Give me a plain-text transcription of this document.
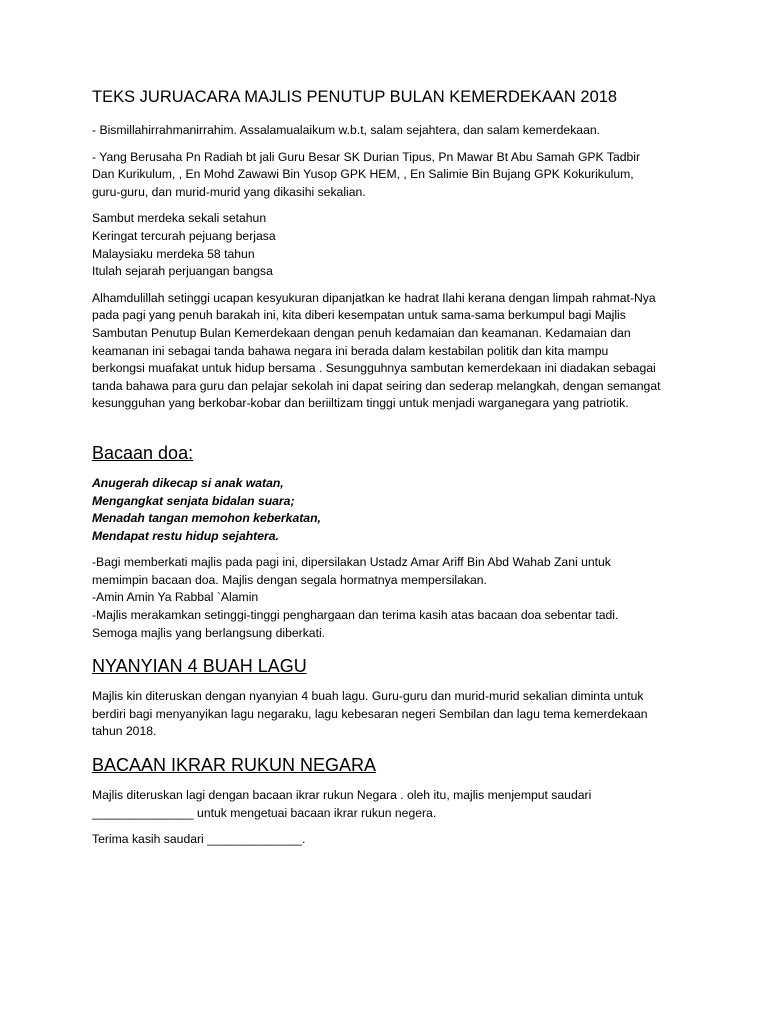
TEKS JURUACARA MAJLIS PENUTUP BULAN KEMERDEKAAN 2018

- Bismillahirrahmanirrahim. Assalamualaikum w.b.t, salam sejahtera, dan salam kemerdekaan.

- Yang Berusaha Pn Radiah bt jali Guru Besar SK Durian Tipus, Pn Mawar Bt Abu Samah GPK Tadbir Dan Kurikulum, , En Mohd Zawawi Bin Yusop GPK HEM, , En Salimie Bin Bujang GPK Kokurikulum, guru-guru, dan murid-murid yang dikasihi sekalian.

Sambut merdeka sekali setahun
Keringat tercurah pejuang berjasa
Malaysiaku merdeka 58 tahun
Itulah sejarah perjuangan bangsa

Alhamdulillah setinggi ucapan kesyukuran dipanjatkan ke hadrat Ilahi kerana dengan limpah rahmat-Nya pada pagi yang penuh barakah ini, kita diberi kesempatan untuk sama-sama berkumpul bagi Majlis Sambutan Penutup Bulan Kemerdekaan dengan penuh kedamaian dan keamanan. Kedamaian dan keamanan ini sebagai tanda bahawa negara ini berada dalam kestabilan politik dan kita mampu berkongsi muafakat untuk hidup bersama . Sesungguhnya sambutan kemerdekaan ini diadakan sebagai tanda bahawa para guru dan pelajar sekolah ini dapat seiring dan sederap melangkah, dengan semangat kesungguhan yang berkobar-kobar dan beriiltizam tinggi untuk menjadi warganegara yang patriotik.

Bacaan doa:
Anugerah dikecap si anak watan,
Mengangkat senjata bidalan suara;
Menadah tangan memohon keberkatan,
Mendapat restu hidup sejahtera.
-Bagi memberkati majlis pada pagi ini, dipersilakan Ustadz Amar Ariff Bin Abd Wahab Zani untuk memimpin bacaan doa. Majlis dengan segala hormatnya mempersilakan.
-Amin Amin Ya Rabbal `Alamin
-Majlis merakamkan setinggi-tinggi penghargaan dan terima kasih atas bacaan doa sebentar tadi. Semoga majlis yang berlangsung diberkati.
NYANYIAN 4 BUAH LAGU

Majlis kin diteruskan dengan nyanyian 4 buah lagu. Guru-guru dan murid-murid sekalian diminta untuk berdiri bagi menyanyikan lagu negaraku, lagu kebesaran negeri Sembilan dan lagu tema kemerdekaan tahun 2018.

BACAAN IKRAR RUKUN NEGARA

Majlis diteruskan lagi dengan bacaan ikrar rukun Negara . oleh itu, majlis menjemput saudari _______________ untuk mengetuai bacaan ikrar rukun negera.

Terima kasih saudari ______________.
